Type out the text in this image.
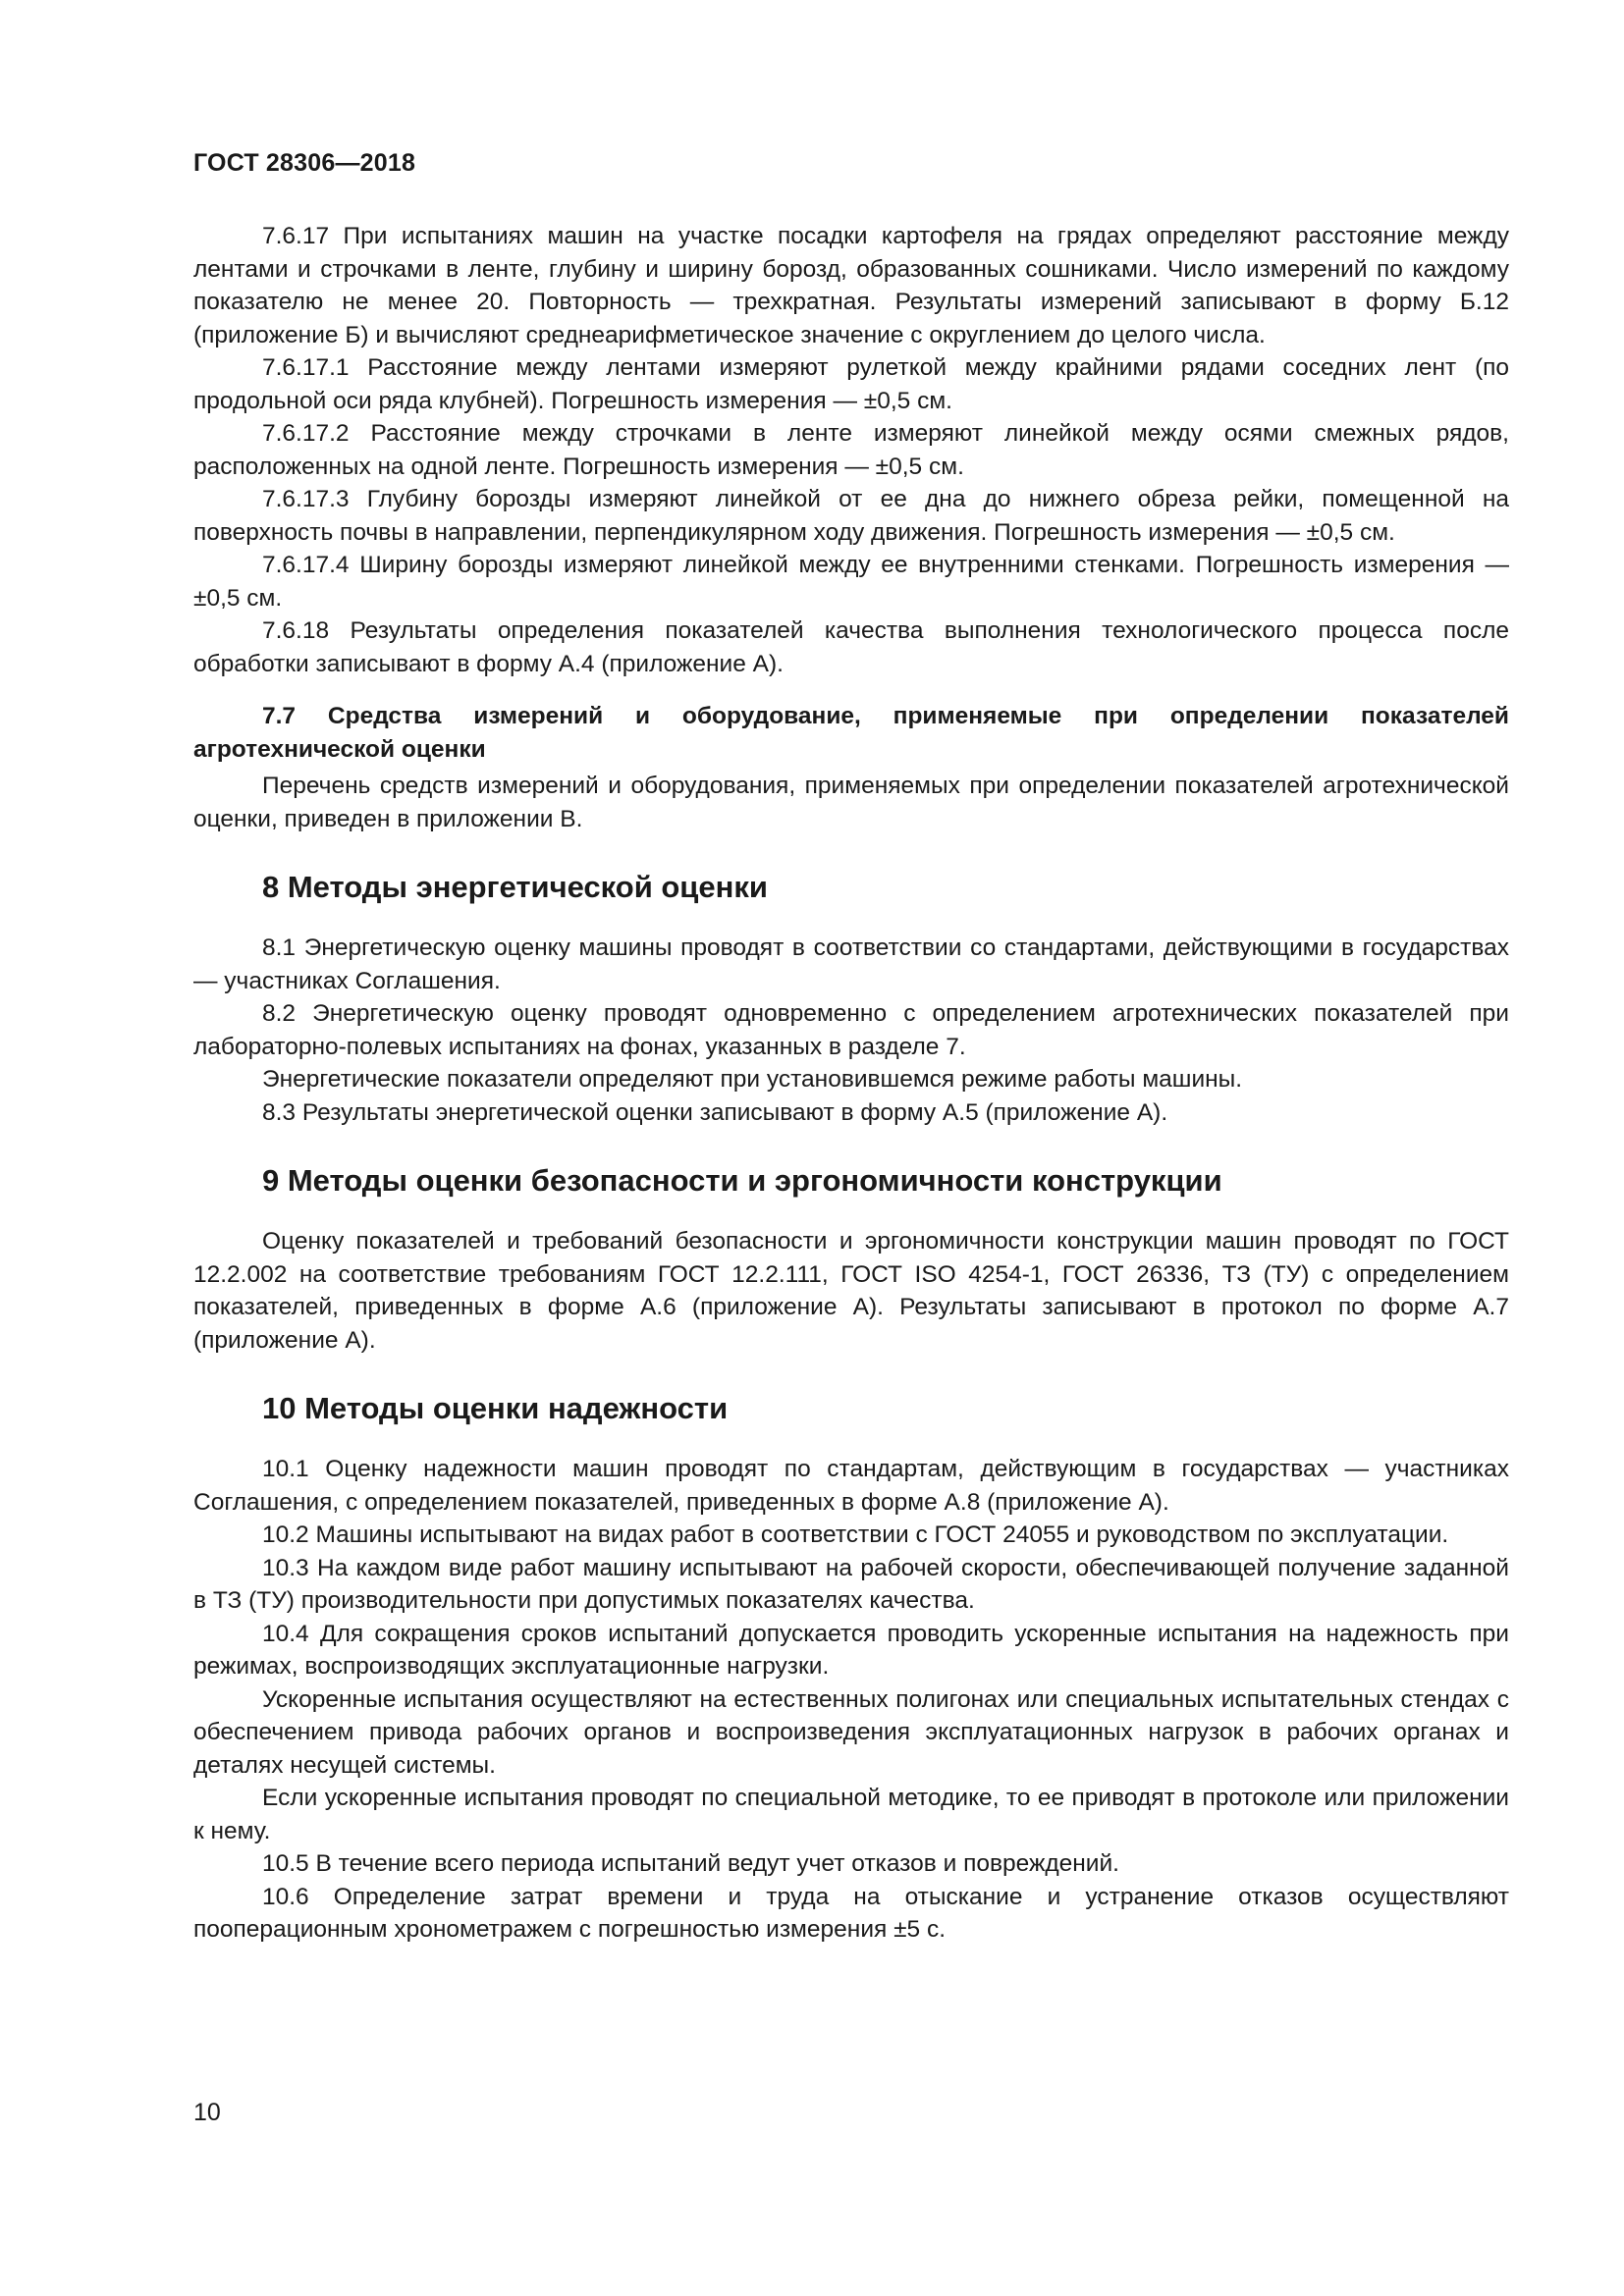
ГОСТ 28306—2018

7.6.17 При испытаниях машин на участке посадки картофеля на грядах определяют расстояние между лентами и строчками в ленте, глубину и ширину борозд, образованных сошниками. Число измерений по каждому показателю не менее 20. Повторность — трехкратная. Результаты измерений записывают в форму Б.12 (приложение Б) и вычисляют среднеарифметическое значение с округлением до целого числа.

7.6.17.1 Расстояние между лентами измеряют рулеткой между крайними рядами соседних лент (по продольной оси ряда клубней). Погрешность измерения — ±0,5 см.

7.6.17.2 Расстояние между строчками в ленте измеряют линейкой между осями смежных рядов, расположенных на одной ленте. Погрешность измерения — ±0,5 см.

7.6.17.3 Глубину борозды измеряют линейкой от ее дна до нижнего обреза рейки, помещенной на поверхность почвы в направлении, перпендикулярном ходу движения. Погрешность измерения — ±0,5 см.

7.6.17.4 Ширину борозды измеряют линейкой между ее внутренними стенками. Погрешность измерения — ±0,5 см.

7.6.18 Результаты определения показателей качества выполнения технологического процесса после обработки записывают в форму А.4 (приложение А).

7.7 Средства измерений и оборудование, применяемые при определении показателей агротехнической оценки

Перечень средств измерений и оборудования, применяемых при определении показателей агротехнической оценки, приведен в приложении В.

8 Методы энергетической оценки

8.1 Энергетическую оценку машины проводят в соответствии со стандартами, действующими в государствах — участниках Соглашения.

8.2 Энергетическую оценку проводят одновременно с определением агротехнических показателей при лабораторно-полевых испытаниях на фонах, указанных в разделе 7.

Энергетические показатели определяют при установившемся режиме работы машины.

8.3 Результаты энергетической оценки записывают в форму А.5 (приложение А).

9 Методы оценки безопасности и эргономичности конструкции

Оценку показателей и требований безопасности и эргономичности конструкции машин проводят по ГОСТ 12.2.002 на соответствие требованиям ГОСТ 12.2.111, ГОСТ ISO 4254-1, ГОСТ 26336, ТЗ (ТУ) с определением показателей, приведенных в форме А.6 (приложение А). Результаты записывают в протокол по форме А.7 (приложение А).

10 Методы оценки надежности

10.1 Оценку надежности машин проводят по стандартам, действующим в государствах — участниках Соглашения, с определением показателей, приведенных в форме А.8 (приложение А).

10.2 Машины испытывают на видах работ в соответствии с ГОСТ 24055 и руководством по эксплуатации.

10.3 На каждом виде работ машину испытывают на рабочей скорости, обеспечивающей получение заданной в ТЗ (ТУ) производительности при допустимых показателях качества.

10.4 Для сокращения сроков испытаний допускается проводить ускоренные испытания на надежность при режимах, воспроизводящих эксплуатационные нагрузки.

Ускоренные испытания осуществляют на естественных полигонах или специальных испытательных стендах с обеспечением привода рабочих органов и воспроизведения эксплуатационных нагрузок в рабочих органах и деталях несущей системы.

Если ускоренные испытания проводят по специальной методике, то ее приводят в протоколе или приложении к нему.

10.5 В течение всего периода испытаний ведут учет отказов и повреждений.

10.6 Определение затрат времени и труда на отыскание и устранение отказов осуществляют пооперационным хронометражем с погрешностью измерения ±5 с.

10
